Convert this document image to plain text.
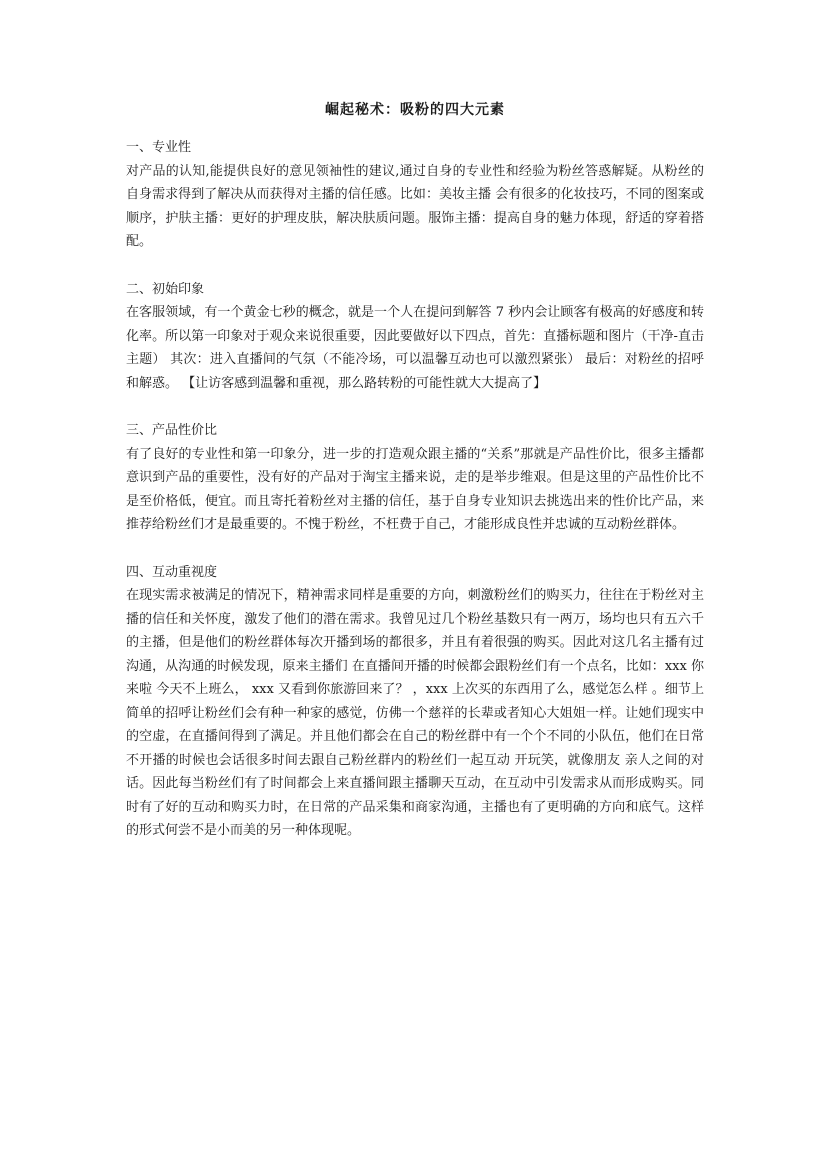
崛起秘术：吸粉的四大元素

一、专业性

对产品的认知,能提供良好的意见领袖性的建议,通过自身的专业性和经验为粉丝答惑解疑。从粉丝的自身需求得到了解决从而获得对主播的信任感。比如：美妆主播 会有很多的化妆技巧，不同的图案或顺序，护肤主播：更好的护理皮肤，解决肤质问题。服饰主播：提高自身的魅力体现，舒适的穿着搭配。

二、初始印象

在客服领域，有一个黄金七秒的概念，就是一个人在提问到解答 7 秒内会让顾客有极高的好感度和转化率。所以第一印象对于观众来说很重要，因此要做好以下四点，首先：直播标题和图片（干净-直击主题） 其次：进入直播间的气氛（不能冷场，可以温馨互动也可以激烈紧张） 最后：对粉丝的招呼和解惑。 【让访客感到温馨和重视，那么路转粉的可能性就大大提高了】

三、产品性价比

有了良好的专业性和第一印象分，进一步的打造观众跟主播的“关系”那就是产品性价比，很多主播都意识到产品的重要性，没有好的产品对于淘宝主播来说，走的是举步维艰。但是这里的产品性价比不是至价格低，便宜。而且寄托着粉丝对主播的信任，基于自身专业知识去挑选出来的性价比产品，来推荐给粉丝们才是最重要的。不愧于粉丝，不枉费于自己，才能形成良性并忠诚的互动粉丝群体。

四、互动重视度

在现实需求被满足的情况下，精神需求同样是重要的方向，刺激粉丝们的购买力，往往在于粉丝对主播的信任和关怀度，激发了他们的潜在需求。我曾见过几个粉丝基数只有一两万，场均也只有五六千的主播，但是他们的粉丝群体每次开播到场的都很多，并且有着很强的购买。因此对这几名主播有过沟通，从沟通的时候发现，原来主播们 在直播间开播的时候都会跟粉丝们有一个点名，比如：xxx 你来啦 今天不上班么， xxx 又看到你旅游回来了？ ，xxx 上次买的东西用了么，感觉怎么样 。细节上简单的招呼让粉丝们会有种一种家的感觉，仿佛一个慈祥的长辈或者知心大姐姐一样。让她们现实中的空虚，在直播间得到了满足。并且他们都会在自己的粉丝群中有一个个不同的小队伍，他们在日常不开播的时候也会话很多时间去跟自己粉丝群内的粉丝们一起互动 开玩笑，就像朋友 亲人之间的对话。因此每当粉丝们有了时间都会上来直播间跟主播聊天互动，在互动中引发需求从而形成购买。同时有了好的互动和购买力时，在日常的产品采集和商家沟通，主播也有了更明确的方向和底气。这样的形式何尝不是小而美的另一种体现呢。
